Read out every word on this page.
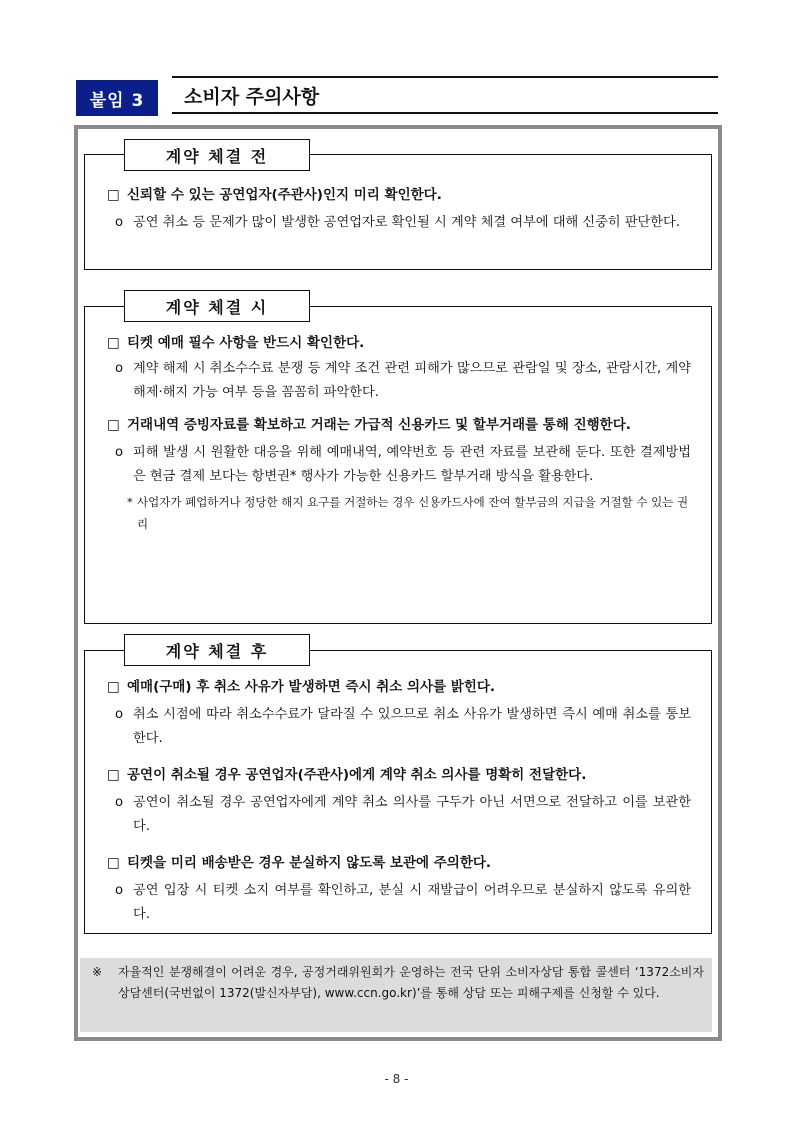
붙임 3	소비자 주의사항
□ 신뢰할 수 있는 공연업자(주관사)인지 미리 확인한다.
o 공연 취소 등 문제가 많이 발생한 공연업자로 확인될 시 계약 체결 여부에 대해 신중히 판단한다.
계약 체결 전
□ 티켓 예매 필수 사항을 반드시 확인한다.
o 계약 해제 시 취소수수료 분쟁 등 계약 조건 관련 피해가 많으므로 관람일 및 장소, 관람시간, 계약해제·해지 가능 여부 등을 꼼꼼히 파악한다.
□ 거래내역 증빙자료를 확보하고 거래는 가급적 신용카드 및 할부거래를 통해 진행한다.
o 피해 발생 시 원활한 대응을 위해 예매내역, 예약번호 등 관련 자료를 보관해 둔다. 또한 결제방법은 현금 결제 보다는 항변권* 행사가 가능한 신용카드 할부거래 방식을 활용한다.
* 사업자가 폐업하거나 정당한 해지 요구를 거절하는 경우 신용카드사에 잔여 할부금의 지급을 거절할 수 있는 권리
계약 체결 시
□ 예매(구매) 후 취소 사유가 발생하면 즉시 취소 의사를 밝힌다.
o 취소 시점에 따라 취소수수료가 달라질 수 있으므로 취소 사유가 발생하면 즉시 예매 취소를 통보한다.
□ 공연이 취소될 경우 공연업자(주관사)에게 계약 취소 의사를 명확히 전달한다.
o 공연이 취소될 경우 공연업자에게 계약 취소 의사를 구두가 아닌 서면으로 전달하고 이를 보관한다.
□ 티켓을 미리 배송받은 경우 분실하지 않도록 보관에 주의한다.
o 공연 입장 시 티켓 소지 여부를 확인하고, 분실 시 재발급이 어려우므로 분실하지 않도록 유의한다.
계약 체결 후
※ 자율적인 분쟁해결이 어려운 경우, 공정거래위원회가 운영하는 전국 단위 소비자상담 통합 콜센터 ‘1372소비자상담센터(국번없이 1372(발신자부담), www.ccn.go.kr)’를 통해 상담 또는 피해구제를 신청할 수 있다.
- 8 -
